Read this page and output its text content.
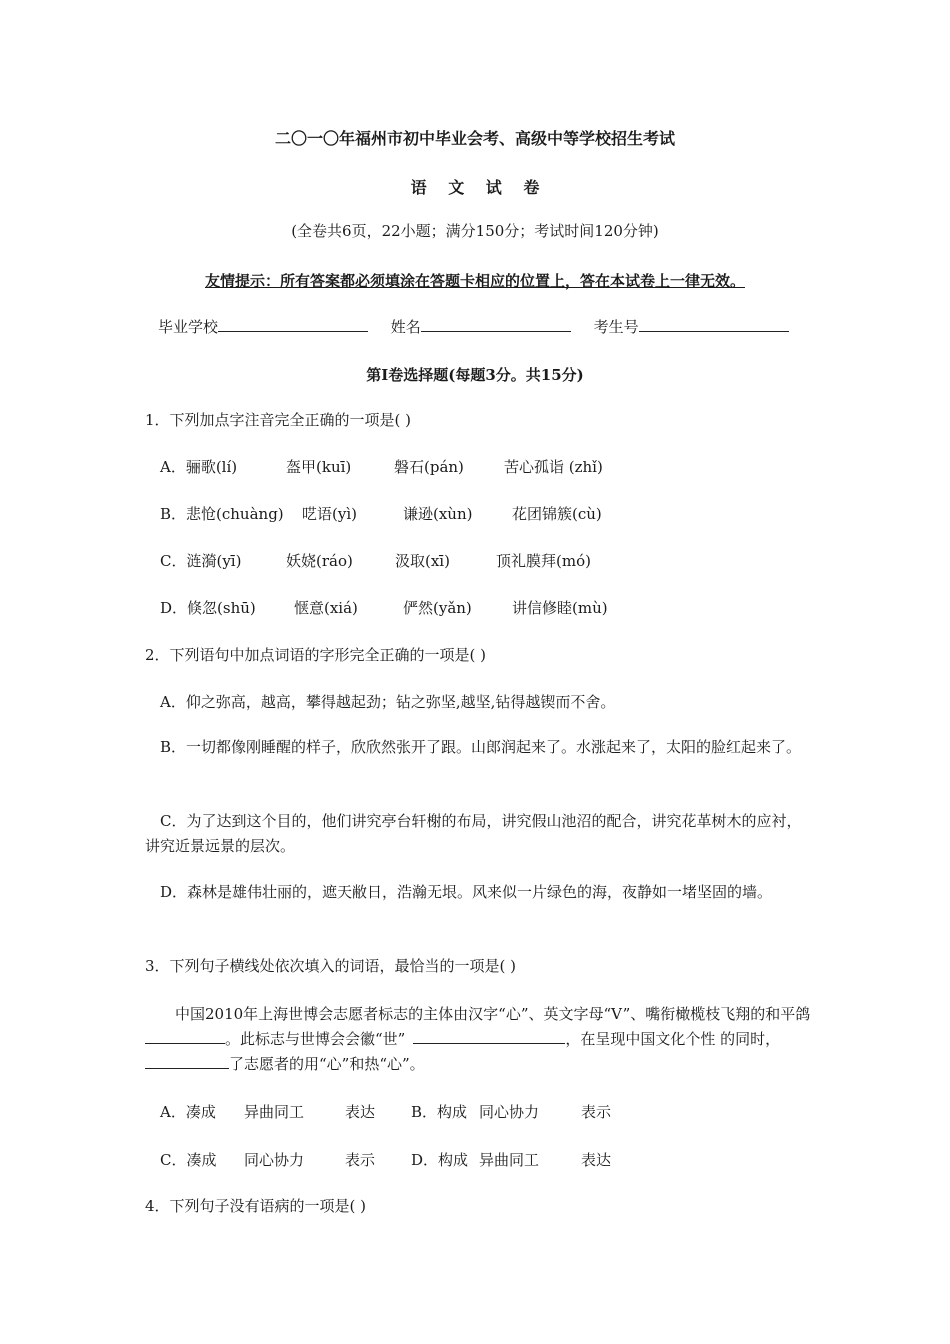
二〇一〇年福州市初中毕业会考、高级中等学校招生考试
语 文 试 卷
(全卷共6页，22小题；满分150分；考试时间120分钟)
友情提示：所有答案都必须填涂在答题卡相应的位置上，答在本试卷上一律无效。
毕业学校	姓名	考生号
第Ⅰ卷选择题(每题3分。共15分)
1．下列加点字注音完全正确的一项是( )
A．骊歌(lí)	盔甲(kuī)	磐石(pán)	苦心孤诣 (zhǐ)
B．悲怆(chuàng) 呓语(yì)	谦逊(xùn)	花团锦簇(cù)
C．涟漪(yī)	妖娆(ráo)	汲取(xī)	顶礼膜拜(mó)
D．倏忽(shū)	惬意(xiá)	俨然(yǎn)	讲信修睦(mù)
2．下列语句中加点词语的字形完全正确的一项是( )
A．仰之弥高，越高，攀得越起劲；钻之弥坚,越坚,钻得越锲而不舍。
B．一切都像刚睡醒的样子，欣欣然张开了跟。山郎润起来了。水涨起来了，太阳的脸红起来了。
C．为了达到这个目的，他们讲究亭台轩榭的布局，讲究假山池沼的配合，讲究花革树木的应衬，讲究近景远景的层次。
D．森林是雄伟壮丽的，遮天敝日，浩瀚无垠。风来似一片绿色的海，夜静如一堵坚固的墙。
3．下列句子横线处依次填入的词语，最恰当的一项是( )
中国2010年上海世博会志愿者标志的主体由汉字“心”、英文字母“V”、嘴衔橄榄枝飞翔的和平鸽。此标志与世博会会徽“世”	，在呈现中国文化个性 的同时，了志愿者的用“心”和热“心”。
A．凑成 异曲同工	表达 B．构成 同心协力	表示
C．凑成 同心协力	表示 D．构成 异曲同工	表达
4．下列句子没有语病的一项是( )
